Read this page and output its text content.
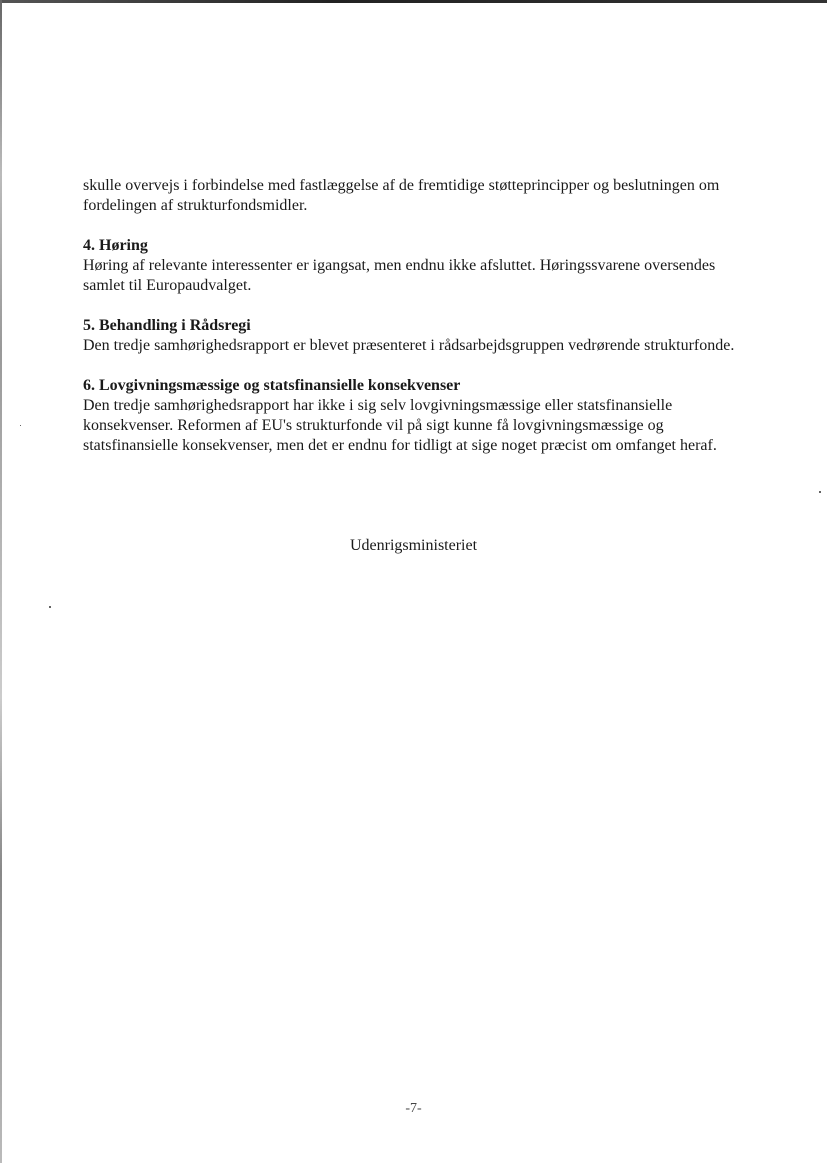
skulle overvejs i forbindelse med fastlæggelse af de fremtidige støtteprincipper og beslutningen om fordelingen af strukturfondsmidler.

4. Høring

Høring af relevante interessenter er igangsat, men endnu ikke afsluttet. Høringssvarene oversendes samlet til Europaudvalget.

5. Behandling i Rådsregi

Den tredje samhørighedsrapport er blevet præsenteret i rådsarbejdsgruppen vedrørende strukturfonde.

6. Lovgivningsmæssige og statsfinansielle konsekvenser

Den tredje samhørighedsrapport har ikke i sig selv lovgivningsmæssige eller statsfinansielle konsekvenser. Reformen af EU's strukturfonde vil på sigt kunne få lovgivningsmæssige og statsfinansielle konsekvenser, men det er endnu for tidligt at sige noget præcist om omfanget heraf.

Udenrigsministeriet
-7-
